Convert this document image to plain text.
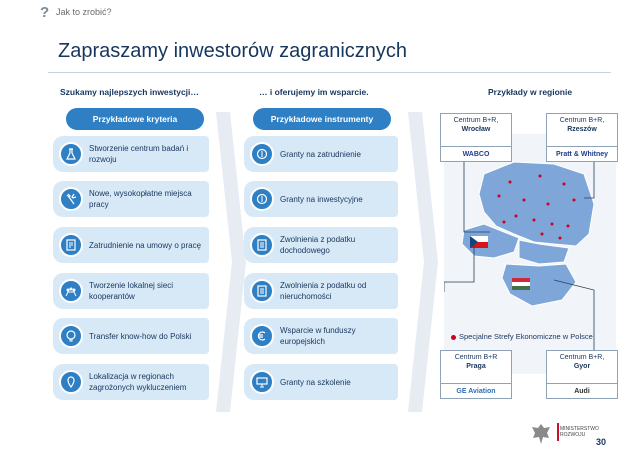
? Jak to zrobić?
Zapraszamy inwestorów zagranicznych
Szukamy najlepszych inwestycji…	… i oferujemy im wsparcie.	Przykłady w regionie
Przykładowe kryteria	Przykładowe instrumenty
Stworzenie centrum badań i rozwoju
Nowe, wysokopłatne miejsca pracy
Zatrudnienie na umowy o pracę
Tworzenie lokalnej sieci kooperantów
Transfer know-how do Polski
Lokalizacja w regionach zagrożonych wykluczeniem
Granty na zatrudnienie
Granty na inwestycyjne
Zwolnienia z podatku dochodowego
Zwolnienia z podatku od nieruchomości
Wsparcie w funduszy europejskich
Granty na szkolenie
Centrum B+R,
Wrocław
WABCO
Centrum B+R,
Rzeszów
Pratt & Whitney
Centrum B+R
Praga
GE Aviation
Centrum B+R,
Gyor
Audi
Specjalne Strefy Ekonomiczne w Polsce
MINISTERSTWO ROZWOJU
30
